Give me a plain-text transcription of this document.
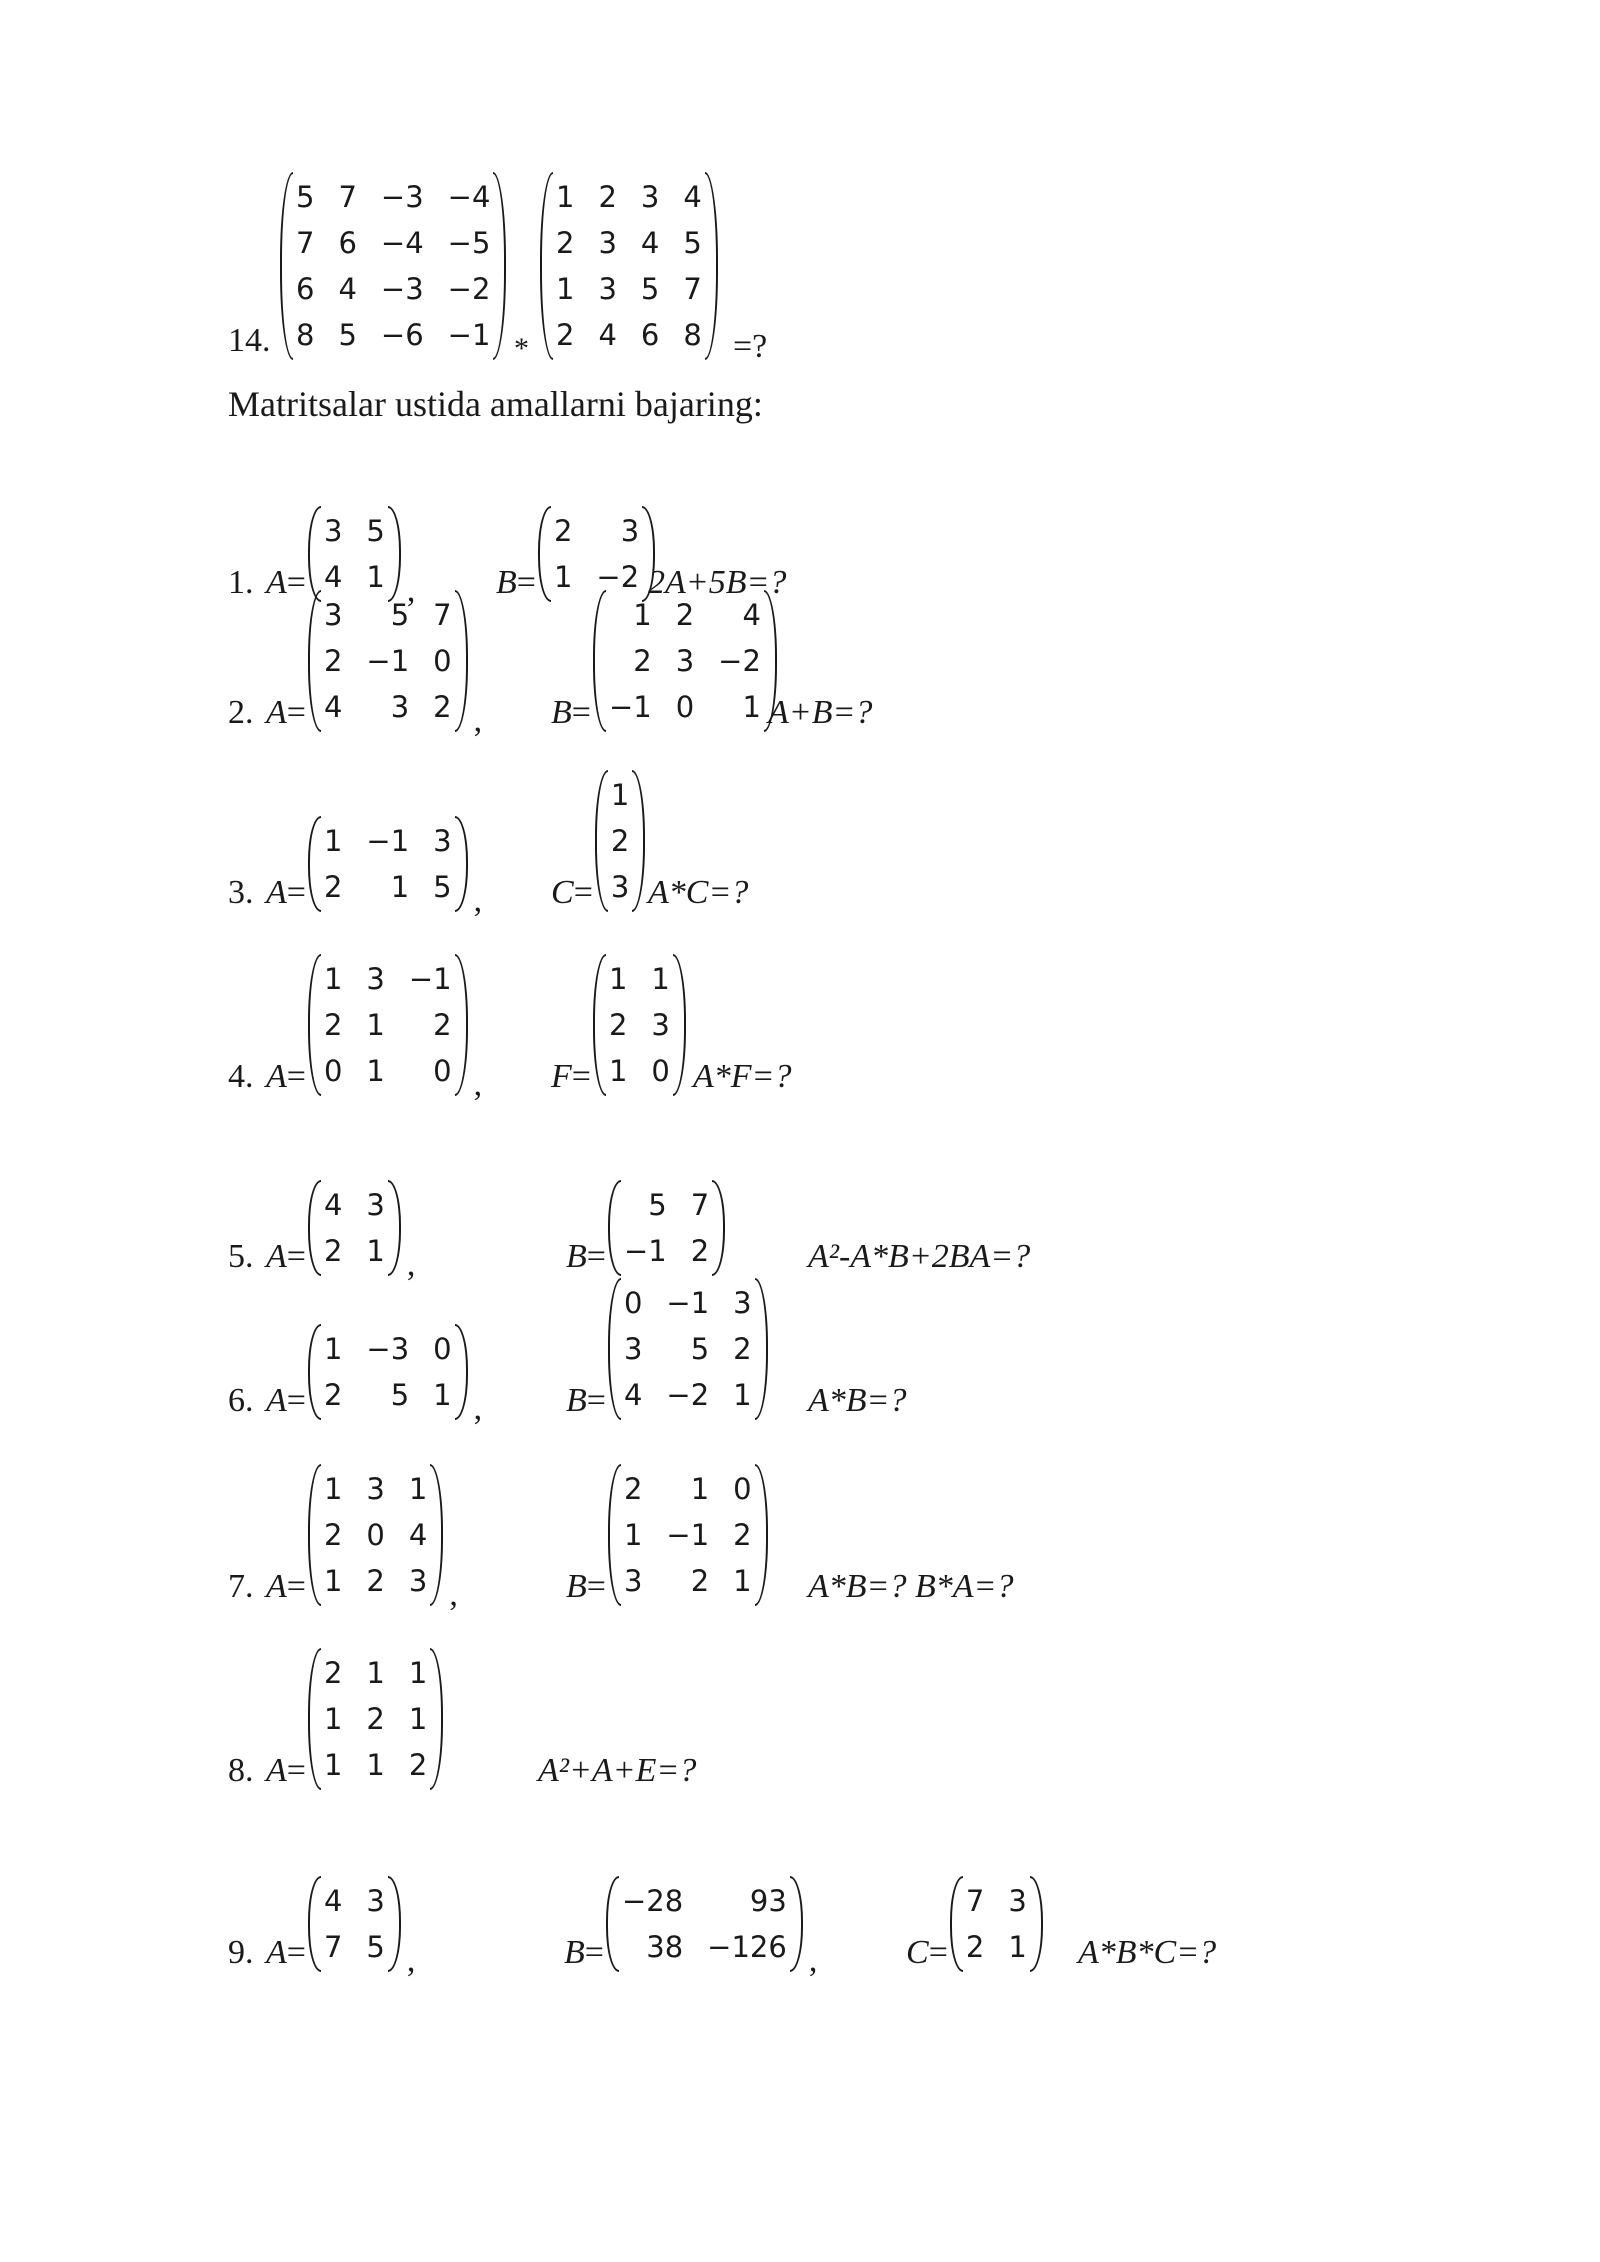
14.
5	7	−3	−4
7	6	−4	−5
6	4	−3	−2
8	5	−6	−1 *
1	2	3	4
2	3	4	5
1	3	5	7
2	4	6	8 =?
Matritsalar ustida amallarni bajaring:
1. A=
3	5
4	1 , B=
2	3
1	−2 2A+5B=?
2. A=
3	5	7
2	−1	0
4	3	2 , B=
1	2	4
2	3	−2
−1	0	1 A+B=?
3. A=
1	−1	3
2	1	5 , C=
1
2
3 A*C=?
4. A=
1	3	−1
2	1	2
0	1	0 , F=
1	1
2	3
1	0 A*F=?
5. A=
4	3
2	1 ,	B=
5	7
−1	2	A²-A*B+2BA=?
6. A=
1	−3	0
2	5	1 , B=
0	−1	3
3	5	2
4	−2	1 A*B=?
7. A=
1	3	1
2	0	4
1	2	3 ,	B=
2	1	0
1	−1	2
3	2	1 A*B=? B*A=?
8. A=
2	1	1
1	2	1
1	1	2	A²+A+E=?
9. A=
4	3
7	5 ,	B=
−28	93
38	−126 ,	C=
7	3
2	1 A*B*C=?
